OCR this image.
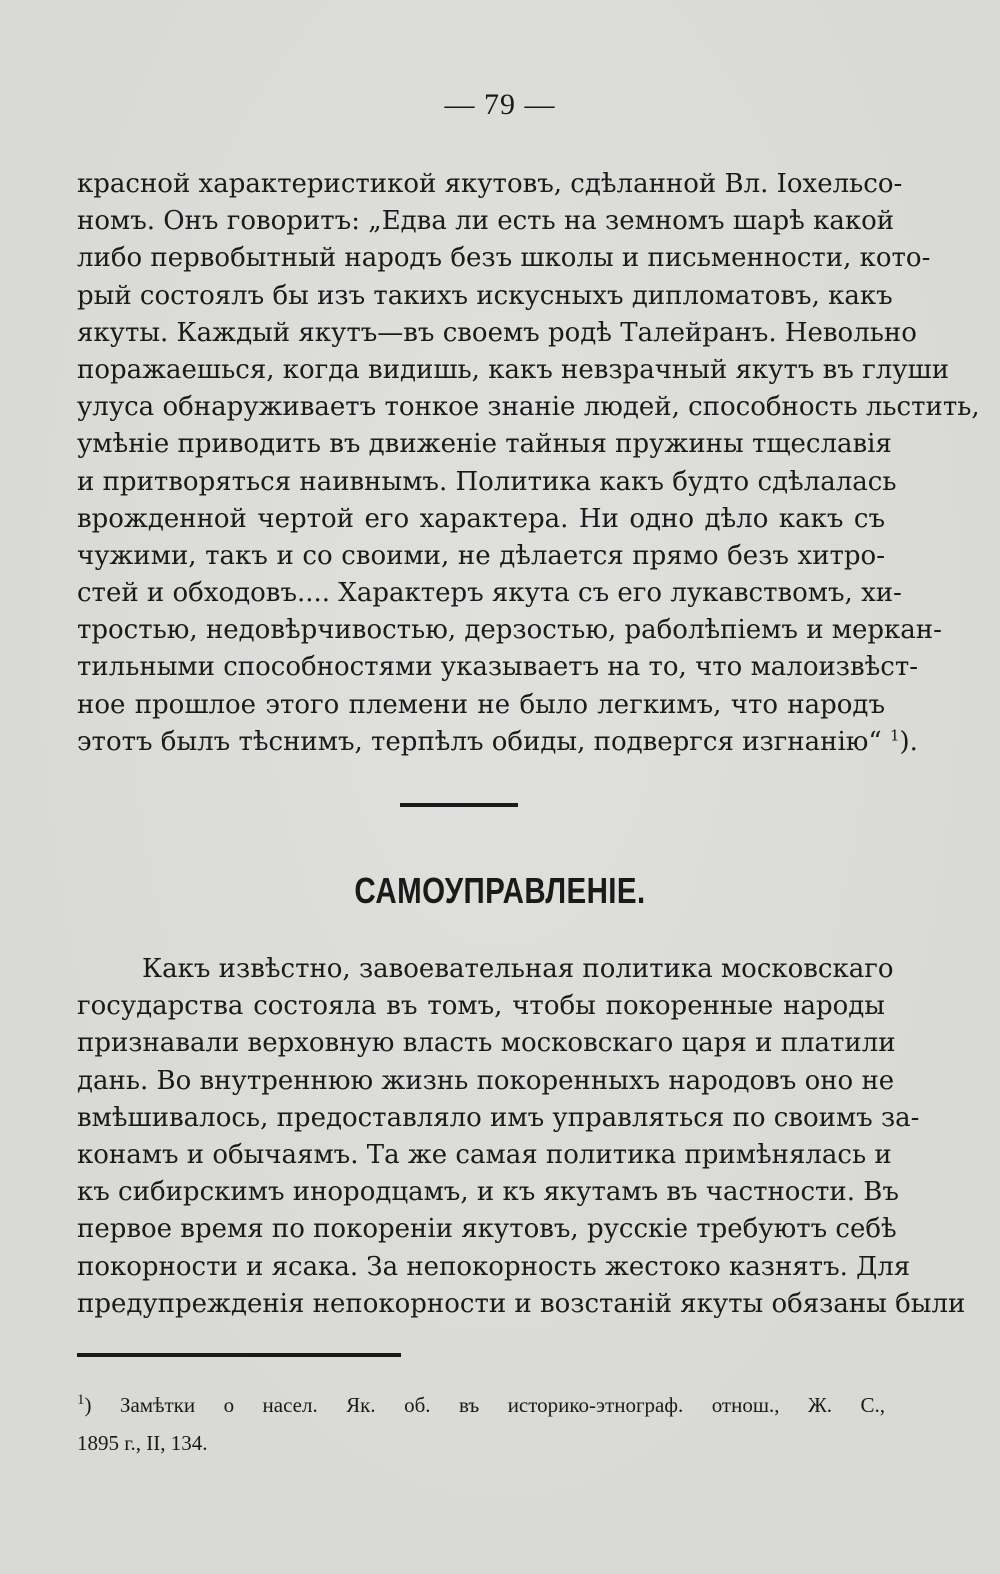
— 79 —
красной характеристикой якутовъ, сдѣланной Вл. Іохельсо-
номъ. Онъ говоритъ: „Едва ли есть на земномъ шарѣ какой
либо первобытный народъ безъ школы и письменности, кото-
рый состоялъ бы изъ такихъ искусныхъ дипломатовъ, какъ
якуты. Каждый якутъ—въ своемъ родѣ Талейранъ. Невольно
поражаешься, когда видишь, какъ невзрачный якутъ въ глуши
улуса обнаруживаетъ тонкое знаніе людей, способность льстить,
умѣніе приводить въ движеніе тайныя пружины тщеславія
и притворяться наивнымъ. Политика какъ будто сдѣлалась
врожденной чертой его характера. Ни одно дѣло какъ съ
чужими, такъ и со своими, не дѣлается прямо безъ хитро-
стей и обходовъ.... Характеръ якута съ его лукавствомъ, хи-
тростью, недовѣрчивостью, дерзостью, раболѣпіемъ и меркан-
тильными способностями указываетъ на то, что малоизвѣст-
ное прошлое этого племени не было легкимъ, что народъ
этотъ былъ тѣснимъ, терпѣлъ обиды, подвергся изгнанію“ $^1$).
САМОУПРАВЛЕНІЕ.
Какъ извѣстно, завоевательная политика московскаго
государства состояла въ томъ, чтобы покоренные народы
признавали верховную власть московскаго царя и платили
дань. Во внутреннюю жизнь покоренныхъ народовъ оно не
вмѣшивалось, предоставляло имъ управляться по своимъ за-
конамъ и обычаямъ. Та же самая политика примѣнялась и
къ сибирскимъ инородцамъ, и къ якутамъ въ частности. Въ
первое время по покореніи якутовъ, русскіе требуютъ себѣ
покорности и ясака. За непокорность жестоко казнятъ. Для
предупрежденія непокорности и возстаній якуты обязаны были
$^1$) Замѣтки о насел. Як. об. въ историко-этнограф. отнош., Ж. С.,
1895 г., II, 134.
